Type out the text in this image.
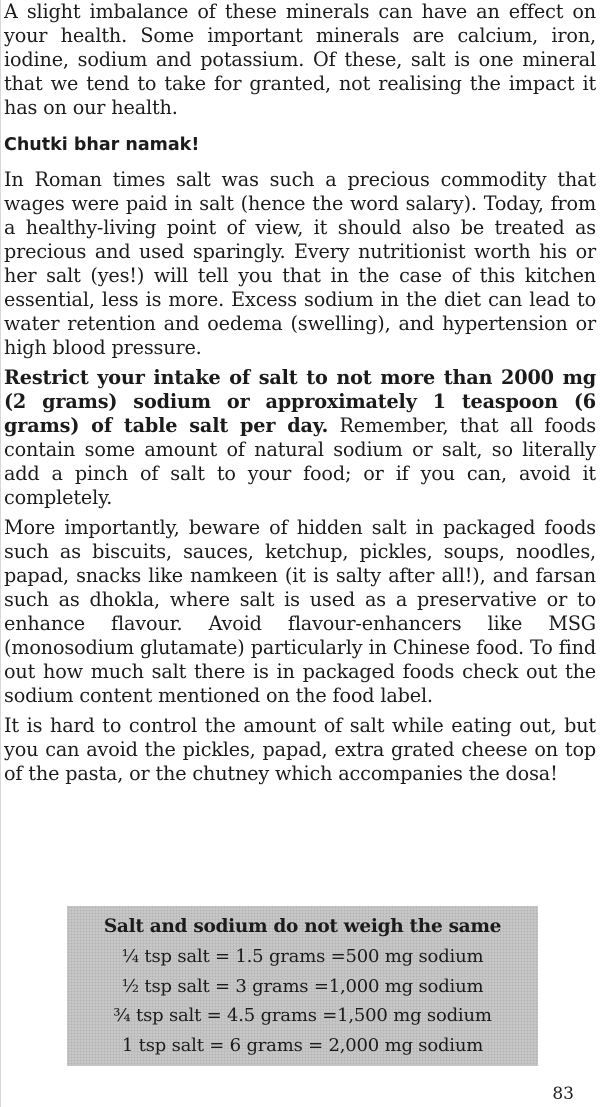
A slight imbalance of these minerals can have an effect on your health. Some important minerals are calcium, iron, iodine, sodium and potassium. Of these, salt is one mineral that we tend to take for granted, not realising the impact it has on our health.

Chutki bhar namak!

In Roman times salt was such a precious commodity that wages were paid in salt (hence the word salary). Today, from a healthy-living point of view, it should also be treated as precious and used sparingly. Every nutritionist worth his or her salt (yes!) will tell you that in the case of this kitchen essential, less is more. Excess sodium in the diet can lead to water retention and oedema (swelling), and hypertension or high blood pressure.

Restrict your intake of salt to not more than 2000 mg (2 grams) sodium or approximately 1 teaspoon (6 grams) of table salt per day. Remember, that all foods contain some amount of natural sodium or salt, so literally add a pinch of salt to your food; or if you can, avoid it completely.

More importantly, beware of hidden salt in packaged foods such as biscuits, sauces, ketchup, pickles, soups, noodles, papad, snacks like namkeen (it is salty after all!), and farsan such as dhokla, where salt is used as a preservative or to enhance flavour. Avoid flavour-enhancers like MSG (monosodium glutamate) particularly in Chinese food. To find out how much salt there is in packaged foods check out the sodium content mentioned on the food label.

It is hard to control the amount of salt while eating out, but you can avoid the pickles, papad, extra grated cheese on top of the pasta, or the chutney which accompanies the dosa!

Salt and sodium do not weigh the same

¼ tsp salt = 1.5 grams =500 mg sodium

½ tsp salt = 3 grams =1,000 mg sodium

¾ tsp salt = 4.5 grams =1,500 mg sodium

1 tsp salt = 6 grams = 2,000 mg sodium

83
